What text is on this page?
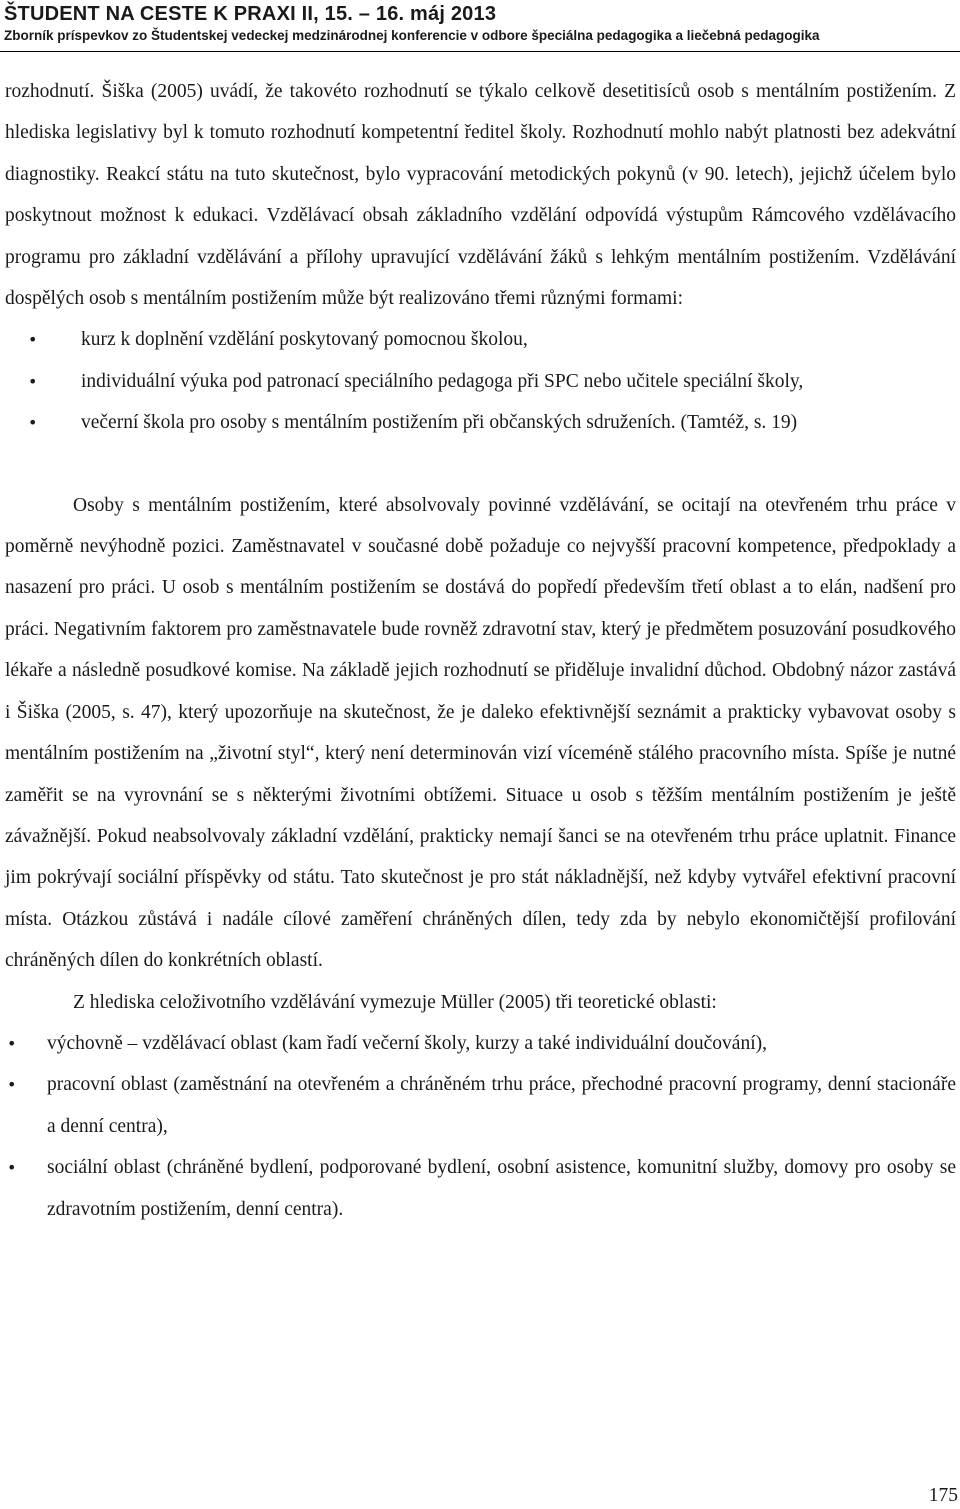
ŠTUDENT NA CESTE K PRAXI II, 15. – 16. máj 2013
Zborník príspevkov zo Študentskej vedeckej medzinárodnej konferencie v odbore špeciálna pedagogika a liečebná pedagogika

rozhodnutí. Šiška (2005) uvádí, že takovéto rozhodnutí se týkalo celkově desetitisíců osob s mentálním postižením. Z hlediska legislativy byl k tomuto rozhodnutí kompetentní ředitel školy. Rozhodnutí mohlo nabýt platnosti bez adekvátní diagnostiky. Reakcí státu na tuto skutečnost, bylo vypracování metodických pokynů (v 90. letech), jejichž účelem bylo poskytnout možnost k edukaci. Vzdělávací obsah základního vzdělání odpovídá výstupům Rámcového vzdělávacího programu pro základní vzdělávání a přílohy upravující vzdělávání žáků s lehkým mentálním postižením. Vzdělávání dospělých osob s mentálním postižením může být realizováno třemi různými formami:

• kurz k doplnění vzdělání poskytovaný pomocnou školou,
• individuální výuka pod patronací speciálního pedagoga při SPC nebo učitele speciální školy,
• večerní škola pro osoby s mentálním postižením při občanských sdruženích. (Tamtéž, s. 19)

Osoby s mentálním postižením, které absolvovaly povinné vzdělávání, se ocitají na otevřeném trhu práce v poměrně nevýhodně pozici. Zaměstnavatel v současné době požaduje co nejvyšší pracovní kompetence, předpoklady a nasazení pro práci. U osob s mentálním postižením se dostává do popředí především třetí oblast a to elán, nadšení pro práci. Negativním faktorem pro zaměstnavatele bude rovněž zdravotní stav, který je předmětem posuzování posudkového lékaře a následně posudkové komise. Na základě jejich rozhodnutí se přiděluje invalidní důchod. Obdobný názor zastává i Šiška (2005, s. 47), který upozorňuje na skutečnost, že je daleko efektivnější seznámit a prakticky vybavovat osoby s mentálním postižením na „životní styl“, který není determinován vizí víceméně stálého pracovního místa. Spíše je nutné zaměřit se na vyrovnání se s některými životními obtížemi. Situace u osob s těžším mentálním postižením je ještě závažnější. Pokud neabsolvovaly základní vzdělání, prakticky nemají šanci se na otevřeném trhu práce uplatnit. Finance jim pokrývají sociální příspěvky od státu. Tato skutečnost je pro stát nákladnější, než kdyby vytvářel efektivní pracovní místa. Otázkou zůstává i nadále cílové zaměření chráněných dílen, tedy zda by nebylo ekonomičtější profilování chráněných dílen do konkrétních oblastí.

Z hlediska celoživotního vzdělávání vymezuje Müller (2005) tři teoretické oblasti:

• výchovně – vzdělávací oblast (kam řadí večerní školy, kurzy a také individuální doučování),
• pracovní oblast (zaměstnání na otevřeném a chráněném trhu práce, přechodné pracovní programy, denní stacionáře a denní centra),
• sociální oblast (chráněné bydlení, podporované bydlení, osobní asistence, komunitní služby, domovy pro osoby se zdravotním postižením, denní centra).
175
